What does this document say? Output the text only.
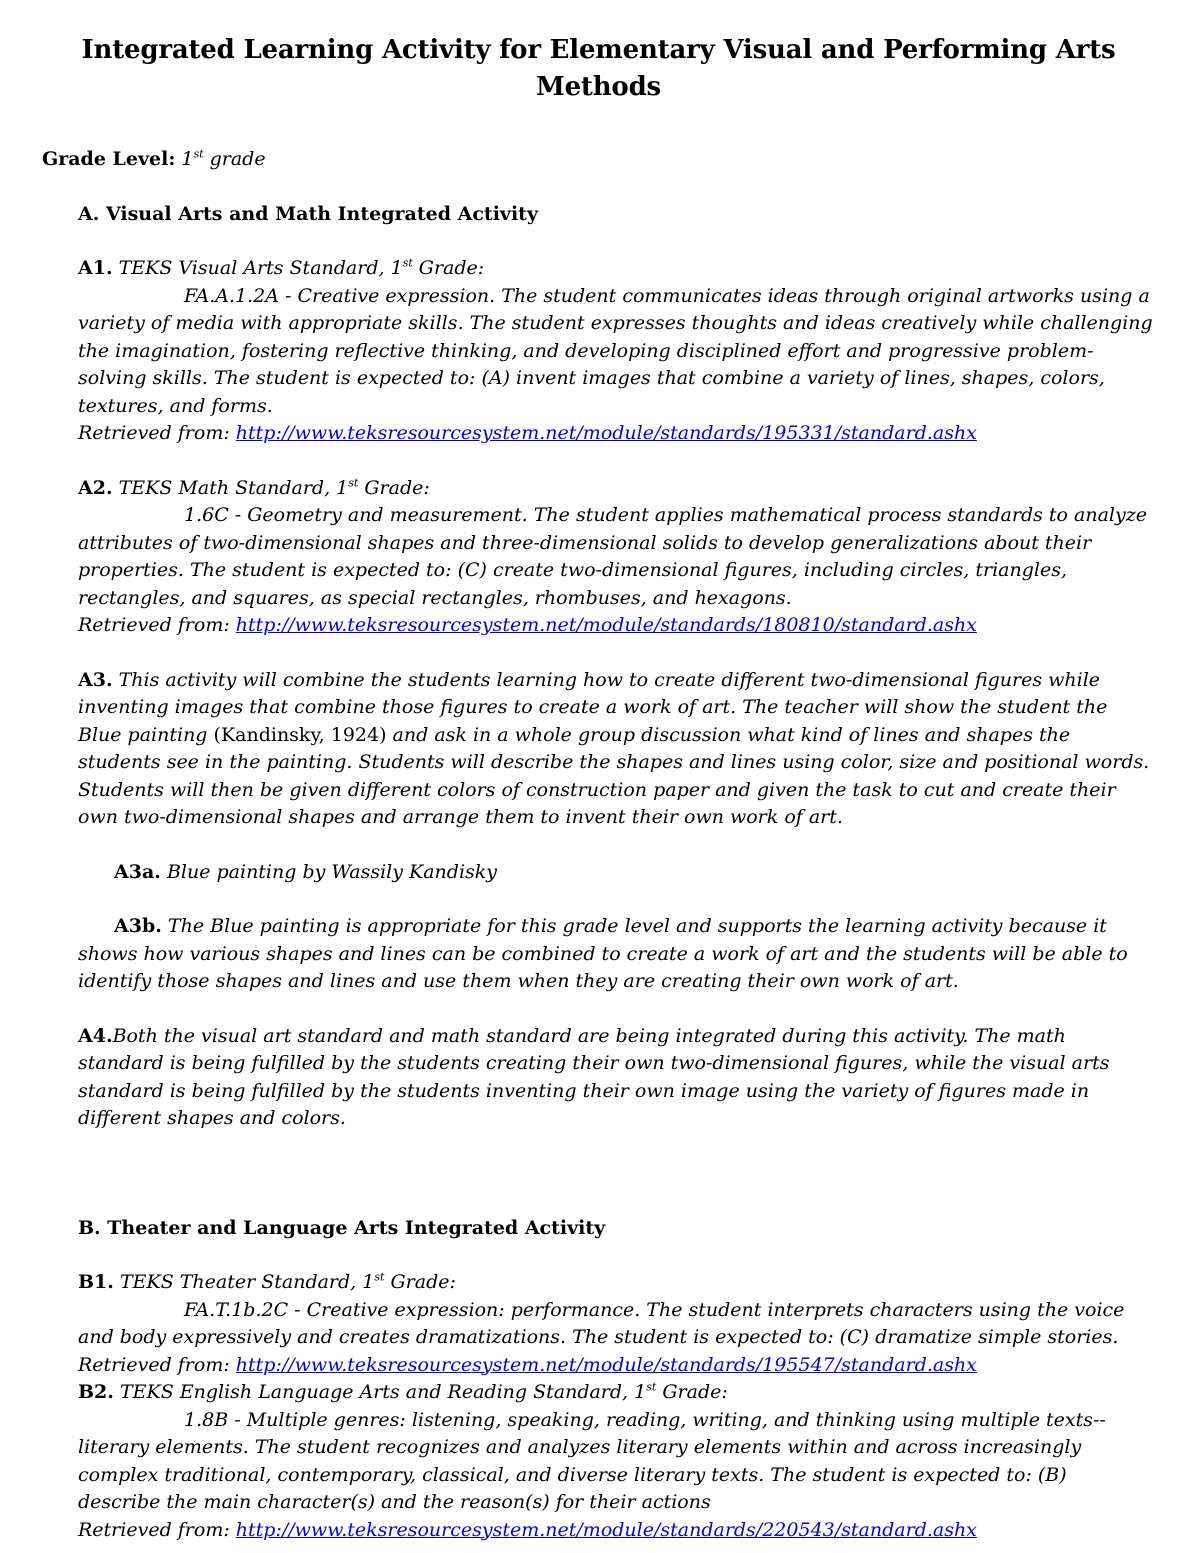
Integrated Learning Activity for Elementary Visual and Performing Arts Methods

Grade Level: 1st grade

A. Visual Arts and Math Integrated Activity

A1. TEKS Visual Arts Standard, 1st Grade:

FA.A.1.2A - Creative expression. The student communicates ideas through original artworks using a variety of media with appropriate skills. The student expresses thoughts and ideas creatively while challenging the imagination, fostering reflective thinking, and developing disciplined effort and progressive problem-solving skills. The student is expected to: (A) invent images that combine a variety of lines, shapes, colors, textures, and forms.

Retrieved from: http://www.teksresourcesystem.net/module/standards/195331/standard.ashx

A2. TEKS Math Standard, 1st Grade:

1.6C - Geometry and measurement. The student applies mathematical process standards to analyze attributes of two-dimensional shapes and three-dimensional solids to develop generalizations about their properties. The student is expected to: (C) create two-dimensional figures, including circles, triangles, rectangles, and squares, as special rectangles, rhombuses, and hexagons.

Retrieved from: http://www.teksresourcesystem.net/module/standards/180810/standard.ashx

A3. This activity will combine the students learning how to create different two-dimensional figures while inventing images that combine those figures to create a work of art. The teacher will show the student the Blue painting (Kandinsky, 1924) and ask in a whole group discussion what kind of lines and shapes the students see in the painting. Students will describe the shapes and lines using color, size and positional words. Students will then be given different colors of construction paper and given the task to cut and create their own two-dimensional shapes and arrange them to invent their own work of art.

A3a. Blue painting by Wassily Kandisky

A3b. The Blue painting is appropriate for this grade level and supports the learning activity because it shows how various shapes and lines can be combined to create a work of art and the students will be able to identify those shapes and lines and use them when they are creating their own work of art.

A4.Both the visual art standard and math standard are being integrated during this activity. The math standard is being fulfilled by the students creating their own two-dimensional figures, while the visual arts standard is being fulfilled by the students inventing their own image using the variety of figures made in different shapes and colors.

B. Theater and Language Arts Integrated Activity

B1. TEKS Theater Standard, 1st Grade:

FA.T.1b.2C - Creative expression: performance. The student interprets characters using the voice and body expressively and creates dramatizations. The student is expected to: (C) dramatize simple stories.

Retrieved from: http://www.teksresourcesystem.net/module/standards/195547/standard.ashx

B2. TEKS English Language Arts and Reading Standard, 1st Grade:

1.8B - Multiple genres: listening, speaking, reading, writing, and thinking using multiple texts--literary elements. The student recognizes and analyzes literary elements within and across increasingly complex traditional, contemporary, classical, and diverse literary texts. The student is expected to: (B) describe the main character(s) and the reason(s) for their actions

Retrieved from: http://www.teksresourcesystem.net/module/standards/220543/standard.ashx
